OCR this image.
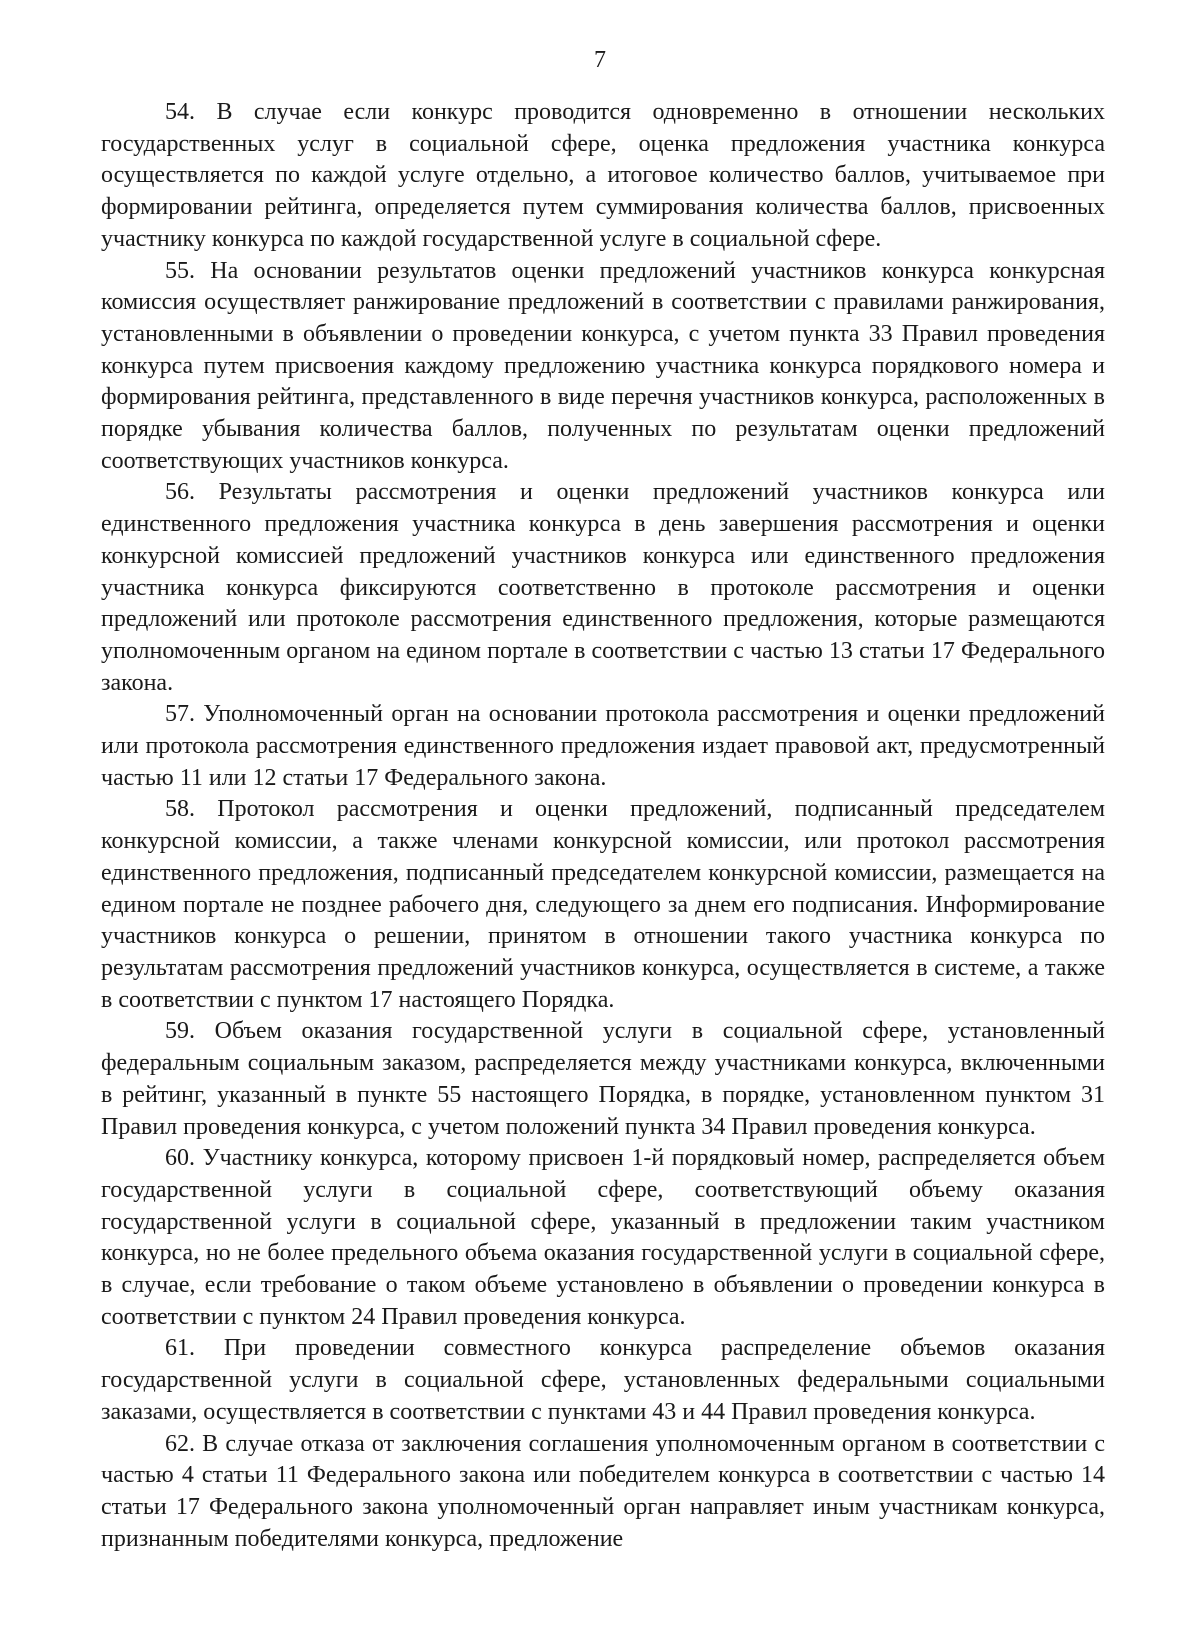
7

54. В случае если конкурс проводится одновременно в отношении нескольких государственных услуг в социальной сфере, оценка предложения участника конкурса осуществляется по каждой услуге отдельно, а итоговое количество баллов, учитываемое при формировании рейтинга, определяется путем суммирования количества баллов, присвоенных участнику конкурса по каждой государственной услуге в социальной сфере.

55. На основании результатов оценки предложений участников конкурса конкурсная комиссия осуществляет ранжирование предложений в соответствии с правилами ранжирования, установленными в объявлении о проведении конкурса, с учетом пункта 33 Правил проведения конкурса путем присвоения каждому предложению участника конкурса порядкового номера и формирования рейтинга, представленного в виде перечня участников конкурса, расположенных в порядке убывания количества баллов, полученных по результатам оценки предложений соответствующих участников конкурса.

56. Результаты рассмотрения и оценки предложений участников конкурса или единственного предложения участника конкурса в день завершения рассмотрения и оценки конкурсной комиссией предложений участников конкурса или единственного предложения участника конкурса фиксируются соответственно в протоколе рассмотрения и оценки предложений или протоколе рассмотрения единственного предложения, которые размещаются уполномоченным органом на едином портале в соответствии с частью 13 статьи 17 Федерального закона.

57. Уполномоченный орган на основании протокола рассмотрения и оценки предложений или протокола рассмотрения единственного предложения издает правовой акт, предусмотренный частью 11 или 12 статьи 17 Федерального закона.

58. Протокол рассмотрения и оценки предложений, подписанный председателем конкурсной комиссии, а также членами конкурсной комиссии, или протокол рассмотрения единственного предложения, подписанный председателем конкурсной комиссии, размещается на едином портале не позднее рабочего дня, следующего за днем его подписания. Информирование участников конкурса о решении, принятом в отношении такого участника конкурса по результатам рассмотрения предложений участников конкурса, осуществляется в системе, а также в соответствии с пунктом 17 настоящего Порядка.

59. Объем оказания государственной услуги в социальной сфере, установленный федеральным социальным заказом, распределяется между участниками конкурса, включенными в рейтинг, указанный в пункте 55 настоящего Порядка, в порядке, установленном пунктом 31 Правил проведения конкурса, с учетом положений пункта 34 Правил проведения конкурса.

60. Участнику конкурса, которому присвоен 1-й порядковый номер, распределяется объем государственной услуги в социальной сфере, соответствующий объему оказания государственной услуги в социальной сфере, указанный в предложении таким участником конкурса, но не более предельного объема оказания государственной услуги в социальной сфере, в случае, если требование о таком объеме установлено в объявлении о проведении конкурса в соответствии с пунктом 24 Правил проведения конкурса.

61. При проведении совместного конкурса распределение объемов оказания государственной услуги в социальной сфере, установленных федеральными социальными заказами, осуществляется в соответствии с пунктами 43 и 44 Правил проведения конкурса.

62. В случае отказа от заключения соглашения уполномоченным органом в соответствии с частью 4 статьи 11 Федерального закона или победителем конкурса в соответствии с частью 14 статьи 17 Федерального закона уполномоченный орган направляет иным участникам конкурса, признанным победителями конкурса, предложение
